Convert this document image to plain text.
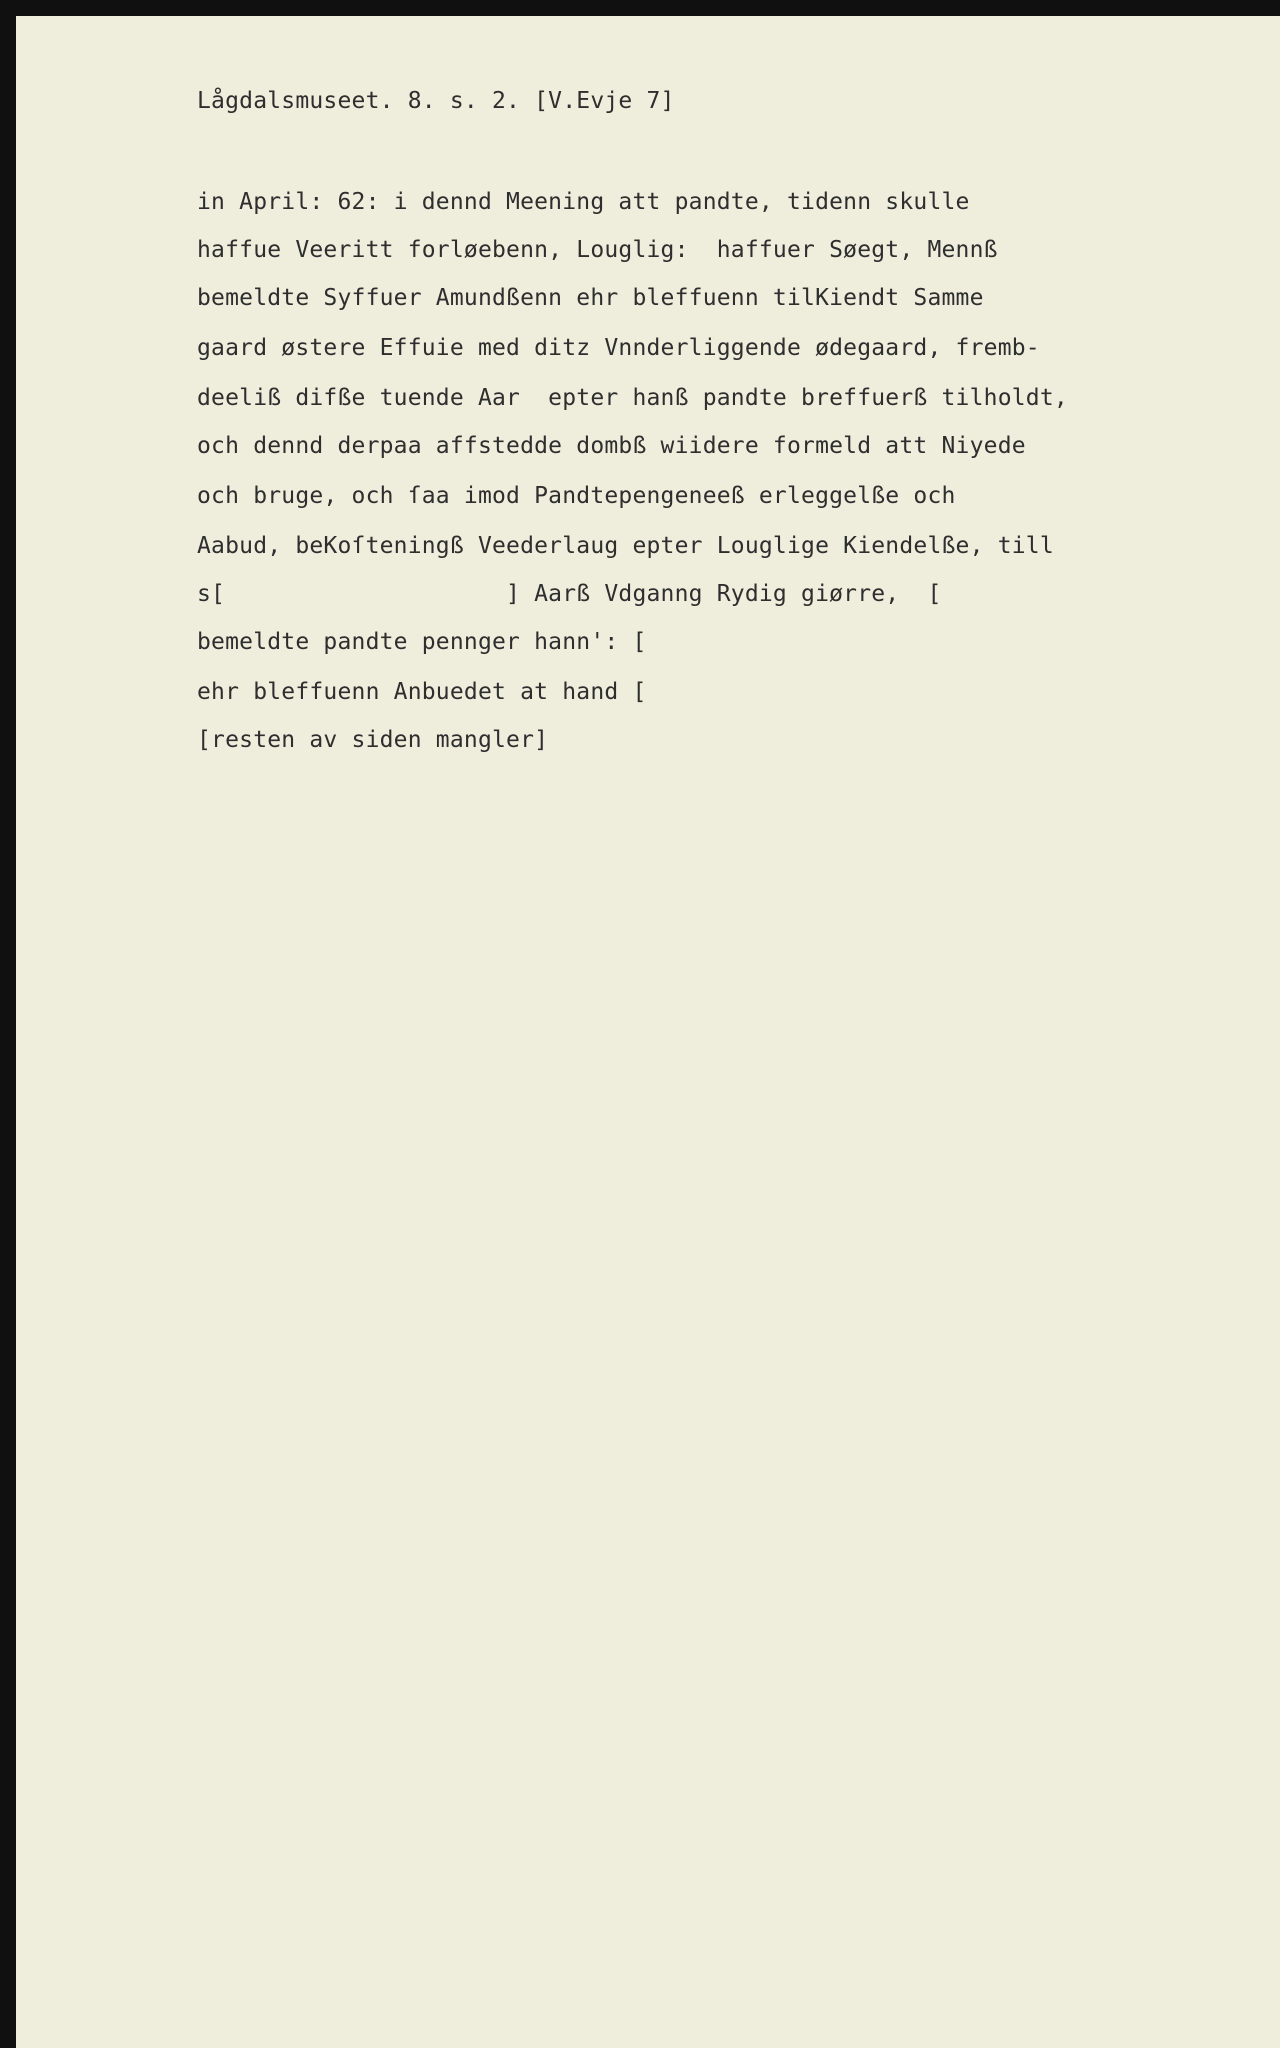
Lågdalsmuseet. 8. s. 2. [V.Evje 7]

in April: 62: i dennd Meening att pandte, tidenn skulle

haffue Veeritt forløebenn, Louglig:  haffuer Søegt, Mennß

bemeldte Syffuer Amundßenn ehr bleffuenn tilKiendt Samme

gaard østere Effuie med ditz Vnnderliggende ødegaard, fremb-

deeliß difße tuende Aar  epter hanß pandte breffuerß tilholdt,

och dennd derpaa affstedde dombß wiidere formeld att Niyede

och bruge, och ſaa imod Pandtepengeneeß erleggelße och

Aabud, beKoſteningß Veederlaug epter Louglige Kiendelße, till

s[                    ] Aarß Vdganng Rydig giørre,  [

bemeldte pandte pennger hann': [

ehr bleffuenn Anbuedet at hand [

[resten av siden mangler]
